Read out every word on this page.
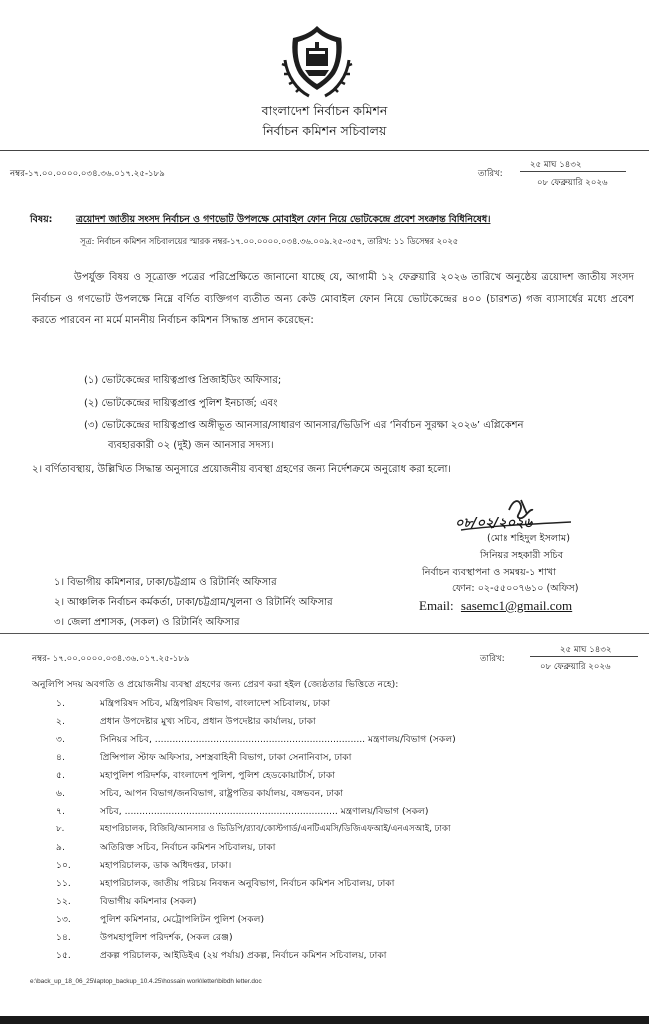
বাংলাদেশ নির্বাচন কমিশন
নির্বাচন কমিশন সচিবালয়
নম্বর-১৭.০০.০০০০.০৩৪.৩৬.০১৭.২৫-১৮৯	তারিখ:
২৫ মাঘ ১৪৩২
০৮ ফেব্রুয়ারি ২০২৬
বিষয়:	ত্রয়োদশ জাতীয় সংসদ নির্বাচন ও গণভোট উপলক্ষে মোবাইল ফোন নিয়ে ভোটকেন্দ্রে প্রবেশ সংক্রান্ত বিধিনিষেধ।
সূত্র: নির্বাচন কমিশন সচিবালয়ের স্মারক নম্বর-১৭.০০.০০০০.০৩৪.৩৬.০০৯.২৫-৩৫৭, তারিখ: ১১ ডিসেম্বর ২০২৫
উপর্যুক্ত বিষয় ও সূত্রোক্ত পত্রের পরিপ্রেক্ষিতে জানানো যাচ্ছে যে, আগামী ১২ ফেব্রুয়ারি ২০২৬ তারিখে অনুষ্ঠেয় ত্রয়োদশ জাতীয় সংসদ নির্বাচন ও গণভোট উপলক্ষে নিম্নে বর্ণিত ব্যক্তিগণ ব্যতীত অন্য কেউ মোবাইল ফোন নিয়ে ভোটকেন্দ্রের ৪০০ (চারশত) গজ ব্যাসার্ধের মধ্যে প্রবেশ করতে পারবেন না মর্মে মাননীয় নির্বাচন কমিশন সিদ্ধান্ত প্রদান করেছেন:
(১) ভোটকেন্দ্রের দায়িত্বপ্রাপ্ত প্রিজাইডিং অফিসার;
(২) ভোটকেন্দ্রের দায়িত্বপ্রাপ্ত পুলিশ ইনচার্জ; এবং
(৩) ভোটকেন্দ্রের দায়িত্বপ্রাপ্ত অঙ্গীভূত আনসার/সাধারণ আনসার/ভিডিপি এর ‘নির্বাচন সুরক্ষা ২০২৬’ এপ্লিকেশন
ব্যবহারকারী ০২ (দুই) জন আনসার সদস্য।
২। বর্ণিতাবস্থায়, উল্লিখিত সিদ্ধান্ত অনুসারে প্রয়োজনীয় ব্যবস্থা গ্রহণের জন্য নির্দেশক্রমে অনুরোধ করা হলো।
০৮/০২/২০২৬
(মোঃ শহিদুল ইসলাম)
সিনিয়র সহকারী সচিব
নির্বাচন ব্যবস্থাপনা ও সমন্বয়-১ শাখা
ফোন: ০২-৫৫০০৭৬১০ (অফিস)
Email: sasemc1@gmail.com
১। বিভাগীয় কমিশনার, ঢাকা/চট্টগ্রাম ও রিটার্নিং অফিসার
২। আঞ্চলিক নির্বাচন কর্মকর্তা, ঢাকা/চট্টগ্রাম/খুলনা ও রিটার্নিং অফিসার
৩। জেলা প্রশাসক, (সকল) ও রিটার্নিং অফিসার
নম্বর- ১৭.০০.০০০০.০৩৪.৩৬.০১৭.২৫-১৮৯	তারিখ:
২৫ মাঘ ১৪৩২
০৮ ফেব্রুয়ারি ২০২৬
অনুলিপি সদয় অবগতি ও প্রয়োজনীয় ব্যবস্থা গ্রহণের জন্য প্রেরণ করা হইল (জ্যেষ্ঠতার ভিত্তিতে নহে):
১.	মন্ত্রিপরিষদ সচিব, মন্ত্রিপরিষদ বিভাগ, বাংলাদেশ সচিবালয়, ঢাকা
২.	প্রধান উপদেষ্টার মুখ্য সচিব, প্রধান উপদেষ্টার কার্যালয়, ঢাকা
৩.	সিনিয়র সচিব, ........................................................................ মন্ত্রণালয়/বিভাগ (সকল)
৪.	প্রিন্সিপাল স্টাফ অফিসার, সশস্ত্রবাহিনী বিভাগ, ঢাকা সেনানিবাস, ঢাকা
৫.	মহাপুলিশ পরিদর্শক, বাংলাদেশ পুলিশ, পুলিশ হেডকোয়ার্টার্স, ঢাকা
৬.	সচিব, আপন বিভাগ/জনবিভাগ, রাষ্ট্রপতির কার্যালয়, বঙ্গভবন, ঢাকা
৭.	সচিব, ......................................................................... মন্ত্রণালয়/বিভাগ (সকল)
৮.	মহাপরিচালক, বিজিবি/আনসার ও ভিডিপি/র‍্যাব/কোস্টগার্ড/এনটিএমসি/ডিজিএফআই/এনএসআই, ঢাকা
৯.	অতিরিক্ত সচিব, নির্বাচন কমিশন সচিবালয়, ঢাকা
১০.	মহাপরিচালক, ডাক অধিদপ্তর, ঢাকা।
১১.	মহাপরিচালক, জাতীয় পরিচয় নিবন্ধন অনুবিভাগ, নির্বাচন কমিশন সচিবালয়, ঢাকা
১২.	বিভাগীয় কমিশনার (সকল)
১৩.	পুলিশ কমিশনার, মেট্রোপলিটন পুলিশ (সকল)
১৪.	উপমহাপুলিশ পরিদর্শক, (সকল রেঞ্জ)
১৫.	প্রকল্প পরিচালক, আইডিইএ (২য় পর্যায়) প্রকল্প, নির্বাচন কমিশন সচিবালয়, ঢাকা
e:\back_up_18_06_25\laptop_backup_10.4.25\hossain work\letter\bibdh letter.doc
